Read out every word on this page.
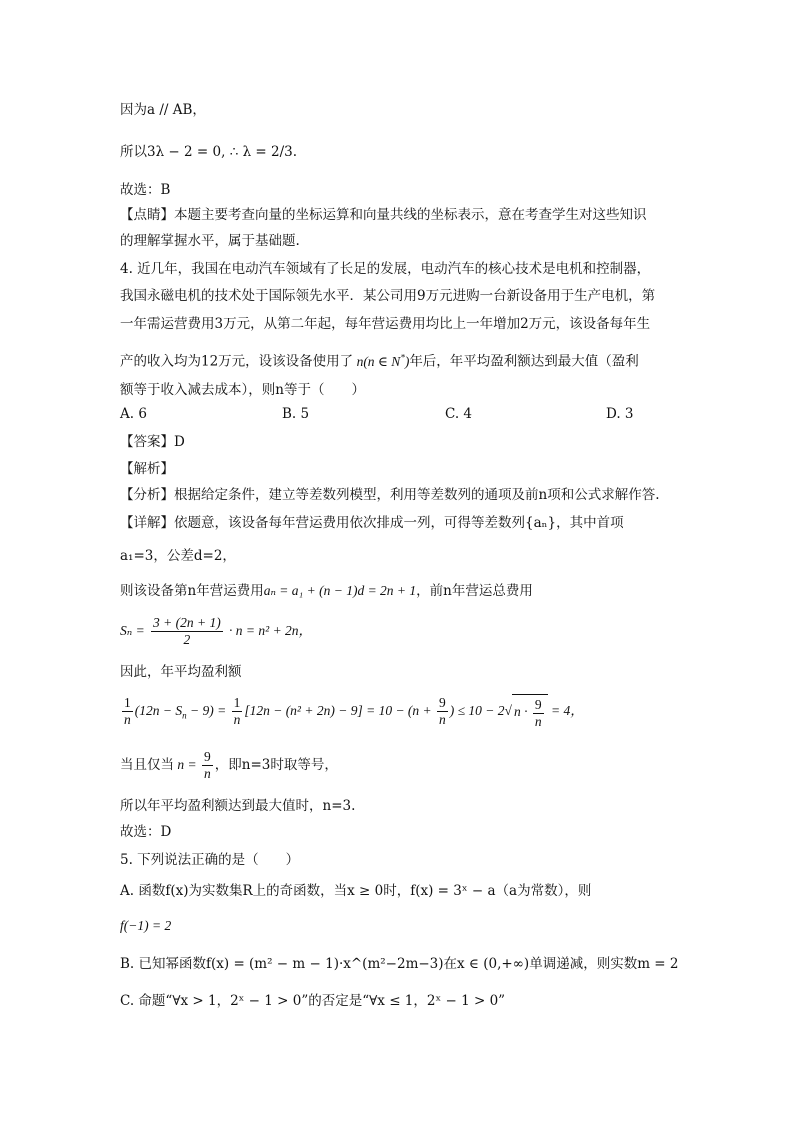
因为a // AB，
所以3λ − 2 = 0, ∴ λ = 2/3.
故选：B
【点睛】本题主要考查向量的坐标运算和向量共线的坐标表示，意在考查学生对这些知识
的理解掌握水平，属于基础题.
4. 近几年，我国在电动汽车领域有了长足的发展，电动汽车的核心技术是电机和控制器，
我国永磁电机的技术处于国际领先水平．某公司用9万元进购一台新设备用于生产电机，第
一年需运营费用3万元，从第二年起，每年营运费用均比上一年增加2万元，该设备每年生
产的收入均为12万元，设该设备使用了 n(n ∈ N*)年后，年平均盈利额达到最大值（盈利
额等于收入减去成本），则n等于（　　）
A. 6	B. 5	C. 4	D. 3
【答案】D
【解析】
【分析】根据给定条件，建立等差数列模型，利用等差数列的通项及前n项和公式求解作答.
【详解】依题意，该设备每年营运费用依次排成一列，可得等差数列{aₙ}，其中首项
a₁=3，公差d=2，
则该设备第n年营运费用aₙ = a₁ + (n − 1)d = 2n + 1，前n年营运总费用
$S_n = \frac{3 + (2n + 1)}{2} \cdot n = n^2 + 2n$，
因此，年平均盈利额
$\frac{1}{n} (12n - S_n - 9) = \frac{1}{n} [12n - (n^2 + 2n) - 9] = 10 - (n + \frac{9}{n}$ ) ≤ 10 − 2√ $n \cdot \frac{9}{n} = 4$，
当且仅当 $n = \frac{9}{n}$ ，即n=3时取等号，
所以年平均盈利额达到最大值时，n=3.
故选：D
5. 下列说法正确的是（　　）
A. 函数f(x)为实数集R上的奇函数，当x ≥ 0时，f(x) = 3ˣ − a（a为常数），则
f(−1) = 2
B. 已知幂函数f(x) = (m² − m − 1)·x^(m²−2m−3)在x ∈ (0,+∞)单调递减，则实数m = 2
C. 命题“∀x > 1，2ˣ − 1 > 0”的否定是“∀x ≤ 1，2ˣ − 1 > 0”
